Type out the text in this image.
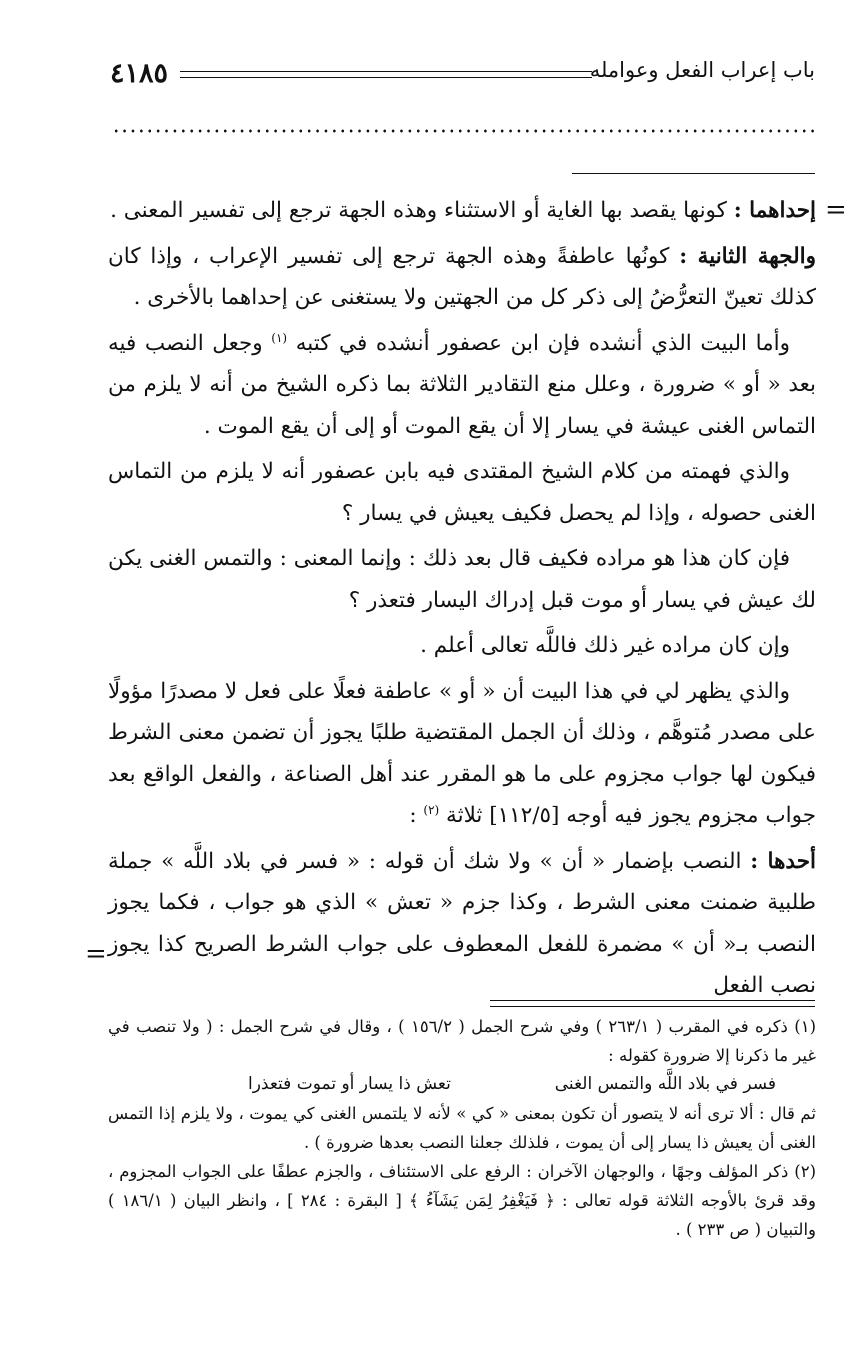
٤١٨٥	باب إعراب الفعل وعوامله
=

إحداهما : كونها يقصد بها الغاية أو الاستثناء وهذه الجهة ترجع إلى تفسير المعنى .

والجهة الثانية : كونُها عاطفةً وهذه الجهة ترجع إلى تفسير الإعراب ، وإذا كان كذلك تعينّ التعرُّضُ إلى ذكر كل من الجهتين ولا يستغنى عن إحداهما بالأخرى .

وأما البيت الذي أنشده فإن ابن عصفور أنشده في كتبه $^{(١)}$ وجعل النصب فيه بعد « أو » ضرورة ، وعلل منع التقادير الثلاثة بما ذكره الشيخ من أنه لا يلزم من التماس الغنى عيشة في يسار إلا أن يقع الموت أو إلى أن يقع الموت .

والذي فهمته من كلام الشيخ المقتدى فيه بابن عصفور أنه لا يلزم من التماس الغنى حصوله ، وإذا لم يحصل فكيف يعيش في يسار ؟

فإن كان هذا هو مراده فكيف قال بعد ذلك : وإنما المعنى : والتمس الغنى يكن لك عيش في يسار أو موت قبل إدراك اليسار فتعذر ؟

وإن كان مراده غير ذلك فاللَّه تعالى أعلم .

والذي يظهر لي في هذا البيت أن « أو » عاطفة فعلًا على فعل لا مصدرًا مؤولًا على مصدر مُتوهَّم ، وذلك أن الجمل المقتضية طلبًا يجوز أن تضمن معنى الشرط فيكون لها جواب مجزوم على ما هو المقرر عند أهل الصناعة ، والفعل الواقع بعد جواب مجزوم يجوز فيه أوجه [١١٢/٥] ثلاثة $^{(٢)}$ :

أحدها : النصب بإضمار « أن » ولا شك أن قوله : « فسر في بلاد اللَّه » جملة طلبية ضمنت معنى الشرط ، وكذا جزم « تعش » الذي هو جواب ، فكما يجوز النصب بـ« أن » مضمرة للفعل المعطوف على جواب الشرط الصريح كذا يجوز نصب الفعل

=

(١) ذكره في المقرب ( ٢٦٣/١ ) وفي شرح الجمل ( ١٥٦/٢ ) ، وقال في شرح الجمل : ( ولا تنصب في غير ما ذكرنا إلا ضرورة كقوله :

فسر في بلاد اللَّه والتمس الغنى
تعش ذا يسار أو تموت فتعذرا

ثم قال : ألا ترى أنه لا يتصور أن تكون بمعنى « كي » لأنه لا يلتمس الغنى كي يموت ، ولا يلزم إذا التمس الغنى أن يعيش ذا يسار إلى أن يموت ، فلذلك جعلنا النصب بعدها ضرورة ) .

(٢) ذكر المؤلف وجهًا ، والوجهان الآخران : الرفع على الاستئناف ، والجزم عطفًا على الجواب المجزوم ، وقد قرئ بالأوجه الثلاثة قوله تعالى : ﴿ فَيَغْفِرُ لِمَن يَشَآءُ ﴾ [ البقرة : ٢٨٤ ] ، وانظر البيان ( ١٨٦/١ ) والتبيان ( ص ٢٣٣ ) .
